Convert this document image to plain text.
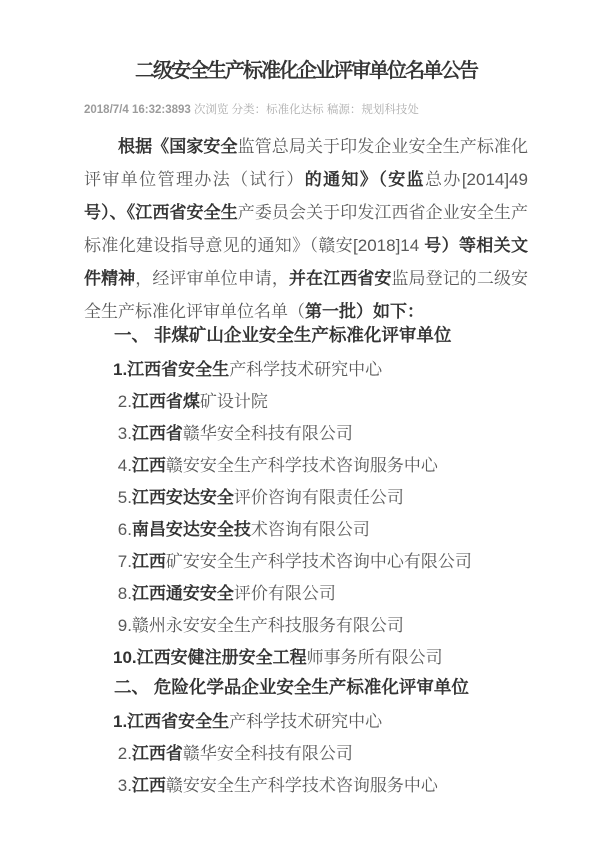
二级安全生产标准化企业评审单位名单公告
2018/7/4 16:32:3893 次浏览 分类：标准化达标 稿源：规划科技处

根据《国家安全监管总局关于印发企业安全生产标准化评审单位管理办法（试行）的通知》（安监总办[2014]49号）、《江西省安全生产委员会关于印发江西省企业安全生产标准化建设指导意见的通知》（赣安[2018]14 号）等相关文件精神，经评审单位申请，并在江西省安监局登记的二级安全生产标准化评审单位名单（第一批）如下：

一、 非煤矿山企业安全生产标准化评审单位
1.江西省安全生产科学技术研究中心
2.江西省煤矿设计院
3.江西省赣华安全科技有限公司
4.江西赣安安全生产科学技术咨询服务中心
5.江西安达安全评价咨询有限责任公司
6.南昌安达安全技术咨询有限公司
7.江西矿安安全生产科学技术咨询中心有限公司
8.江西通安安全评价有限公司
9.赣州永安安全生产科技服务有限公司
10.江西安健注册安全工程师事务所有限公司
二、 危险化学品企业安全生产标准化评审单位
1.江西省安全生产科学技术研究中心
2.江西省赣华安全科技有限公司
3.江西赣安安全生产科学技术咨询服务中心
